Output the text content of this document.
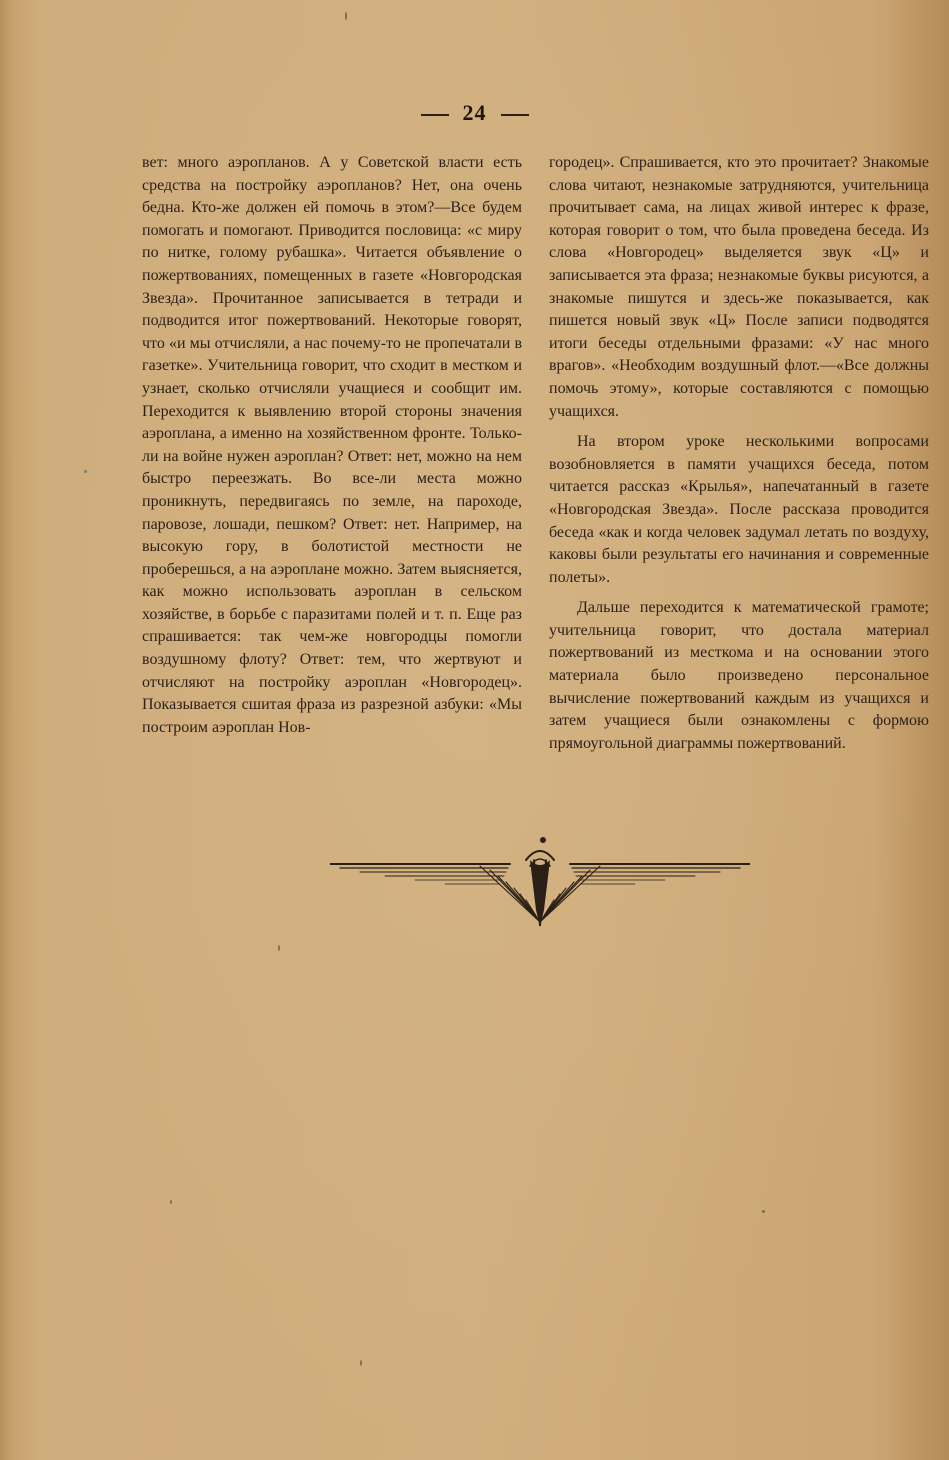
24

вет: много аэропланов. А у Советской власти есть средства на постройку аэропланов? Нет, она очень бедна. Кто-же должен ей помочь в этом?—Все будем помогать и помогают. Приводится пословица: «с миру по нитке, голому рубашка». Читается объявление о пожертвованиях, помещенных в газете «Новгородская Звезда». Прочитанное записывается в тетради и подводится итог пожертвований. Некоторые говорят, что «и мы отчисляли, а нас почему-то не пропечатали в газетке». Учительница говорит, что сходит в местком и узнает, сколько отчисляли учащиеся и сообщит им. Переходится к выявлению второй стороны значения аэроплана, а именно на хозяйственном фронте. Только-ли на войне нужен аэроплан? Ответ: нет, можно на нем быстро переезжать. Во все-ли места можно проникнуть, передвигаясь по земле, на пароходе, паровозе, лошади, пешком? Ответ: нет. Например, на высокую гору, в болотистой местности не проберешься, а на аэроплане можно. Затем выясняется, как можно использовать аэроплан в сельском хозяйстве, в борьбе с паразитами полей и т. п. Еще раз спрашивается: так чем-же новгородцы помогли воздушному флоту? Ответ: тем, что жертвуют и отчисляют на постройку аэроплан «Новгородец». Показывается сшитая фраза из разрезной азбуки: «Мы построим аэроплан Нов-

городец». Спрашивается, кто это прочитает? Знакомые слова читают, незнакомые затрудняются, учительница прочитывает сама, на лицах живой интерес к фразе, которая говорит о том, что была проведена беседа. Из слова «Новгородец» выделяется звук «Ц» и записывается эта фраза; незнакомые буквы рисуются, а знакомые пишутся и здесь-же показывается, как пишется новый звук «Ц» После записи подводятся итоги беседы отдельными фразами: «У нас много врагов». «Необходим воздушный флот.—«Все должны помочь этому», которые составляются с помощью учащихся.

На втором уроке несколькими вопросами возобновляется в памяти учащихся беседа, потом читается рассказ «Крылья», напечатанный в газете «Новгородская Звезда». После рассказа проводится беседа «как и когда человек задумал летать по воздуху, каковы были результаты его начинания и современные полеты».

Дальше переходится к математической грамоте; учительница говорит, что достала материал пожертвований из месткома и на основании этого материала было произведено персональное вычисление пожертвований каждым из учащихся и затем учащиеся были ознакомлены с формою прямоугольной диаграммы пожертвований.
